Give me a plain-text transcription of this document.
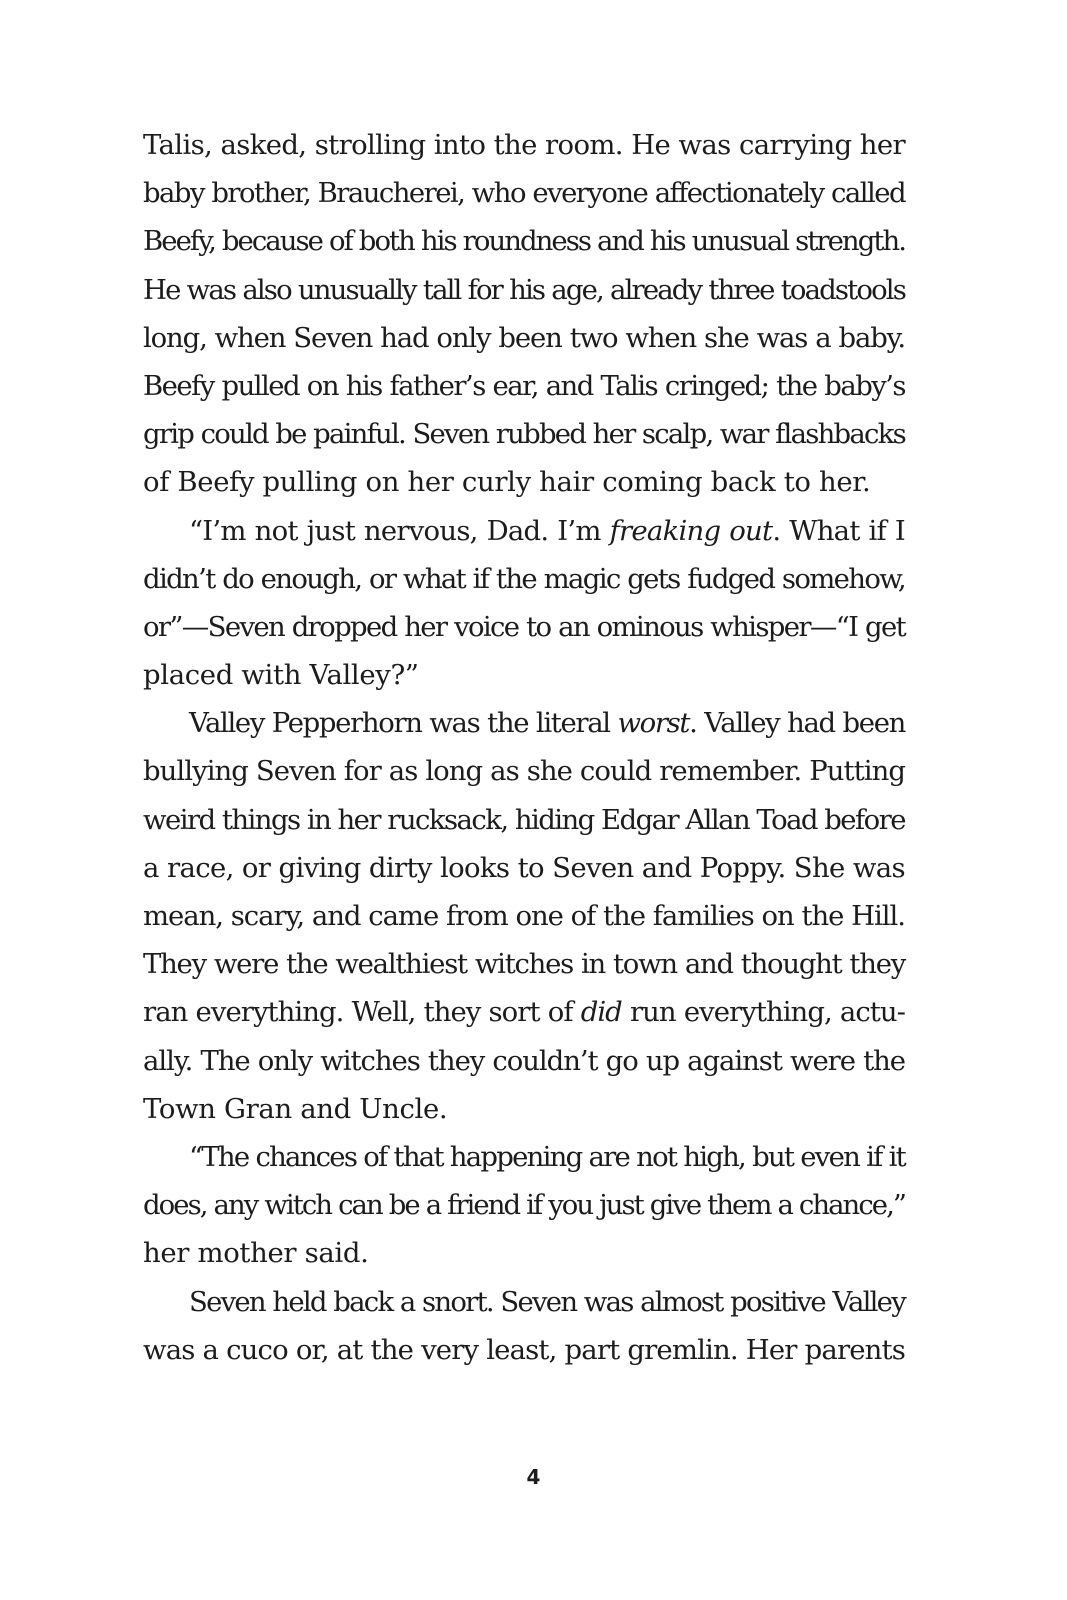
Talis, asked, strolling into the room. He was carrying her
baby brother, Braucherei, who everyone affectionately called
Beefy, because of both his roundness and his unusual strength.
He was also unusually tall for his age, already three toadstools
long, when Seven had only been two when she was a baby.
Beefy pulled on his father’s ear, and Talis cringed; the baby’s
grip could be painful. Seven rubbed her scalp, war flashbacks
of Beefy pulling on her curly hair coming back to her.
“I’m not just nervous, Dad. I’m freaking out. What if I
didn’t do enough, or what if the magic gets fudged somehow,
or”—Seven dropped her voice to an ominous whisper—“I get
placed with Valley?”
Valley Pepperhorn was the literal worst. Valley had been
bullying Seven for as long as she could remember. Putting
weird things in her rucksack, hiding Edgar Allan Toad before
a race, or giving dirty looks to Seven and Poppy. She was
mean, scary, and came from one of the families on the Hill.
They were the wealthiest witches in town and thought they
ran everything. Well, they sort of did run everything, actu-
ally. The only witches they couldn’t go up against were the
Town Gran and Uncle.
“The chances of that happening are not high, but even if it
does, any witch can be a friend if you just give them a chance,”
her mother said.
Seven held back a snort. Seven was almost positive Valley
was a cuco or, at the very least, part gremlin. Her parents
4
